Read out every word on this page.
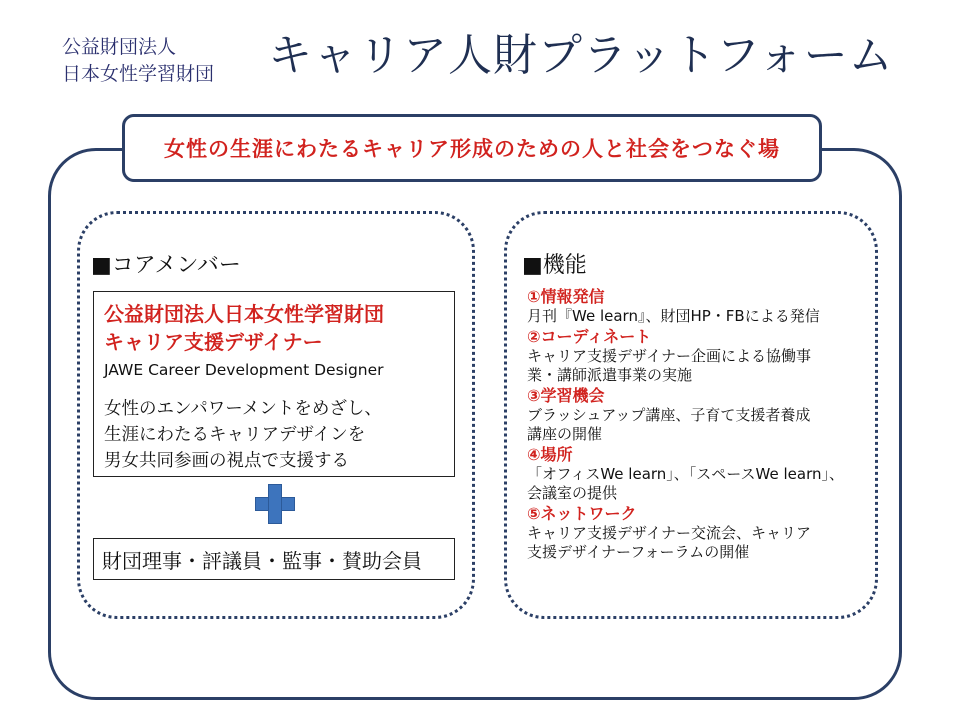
公益財団法人
日本女性学習財団 キャリア人財プラットフォーム
女性の生涯にわたるキャリア形成のための人と社会をつなぐ場
■コアメンバー
公益財団法人日本女性学習財団
キャリア支援デザイナー
JAWE Career Development Designer
女性のエンパワーメントをめざし、
生涯にわたるキャリアデザインを
男女共同参画の視点で支援する
財団理事・評議員・監事・賛助会員
■機能
①情報発信
月刊『We learn』、財団HP・FBによる発信
②コーディネート
キャリア支援デザイナー企画による協働事
業・講師派遣事業の実施
③学習機会
ブラッシュアップ講座、子育て支援者養成
講座の開催
④場所
「オフィスWe learn」、「スペースWe learn」、
会議室の提供
⑤ネットワーク
キャリア支援デザイナー交流会、キャリア
支援デザイナーフォーラムの開催
